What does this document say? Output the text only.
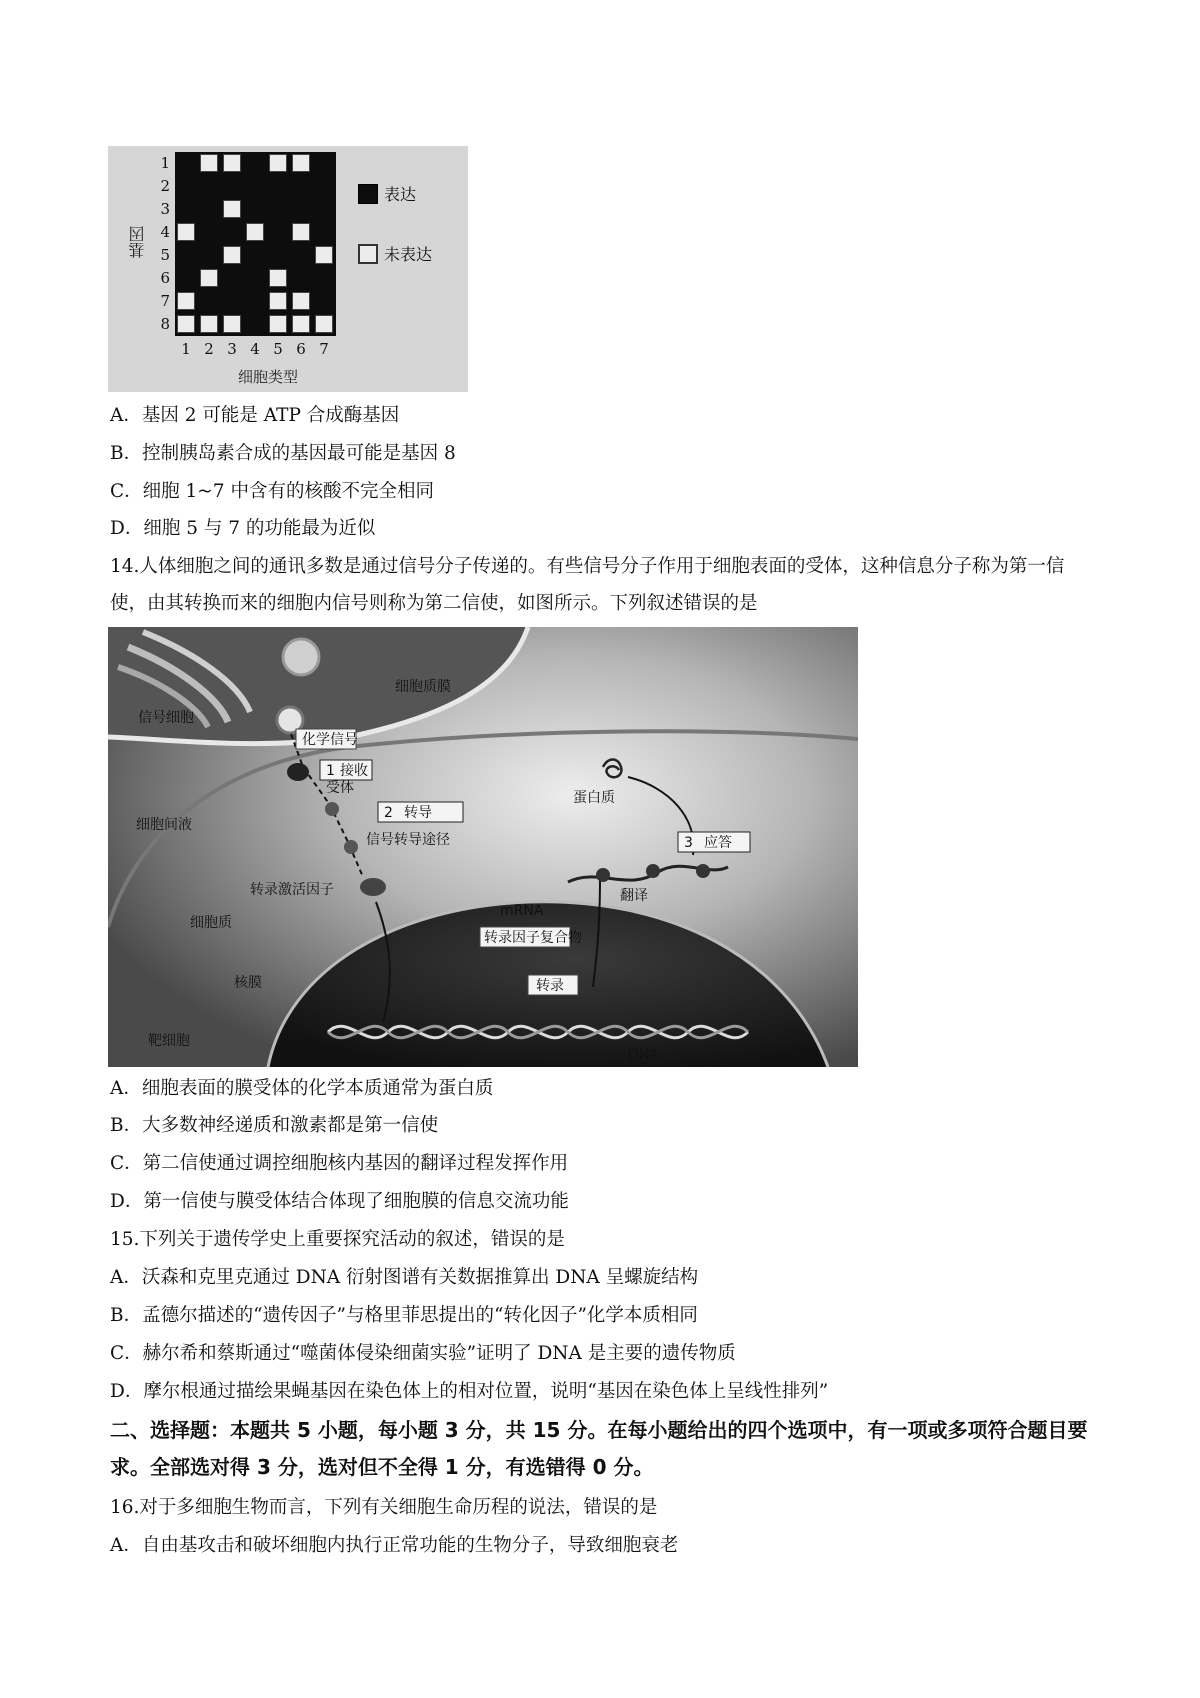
基因
1
2
3
4
5
6
7
8
1 2 3 4 5 6 7
细胞类型
表达
未表达
A．基因 2 可能是 ATP 合成酶基因
B．控制胰岛素合成的基因最可能是基因 8
C．细胞 1~7 中含有的核酸不完全相同
D．细胞 5 与 7 的功能最为近似
14.人体细胞之间的通讯多数是通过信号分子传递的。有些信号分子作用于细胞表面的受体，这种信息分子称为第一信使，由其转换而来的细胞内信号则称为第二信使，如图所示。下列叙述错误的是
细胞质膜
信号细胞
化学信号
1 接收
受体
2 转导
信号转导途径
细胞间液
转录激活因子
细胞质
核膜
靶细胞
蛋白质
3 应答
翻译
mRNA
转录因子复合物
转录
DNA
A．细胞表面的膜受体的化学本质通常为蛋白质
B．大多数神经递质和激素都是第一信使
C．第二信使通过调控细胞核内基因的翻译过程发挥作用
D．第一信使与膜受体结合体现了细胞膜的信息交流功能
15.下列关于遗传学史上重要探究活动的叙述，错误的是
A．沃森和克里克通过 DNA 衍射图谱有关数据推算出 DNA 呈螺旋结构
B．孟德尔描述的“遗传因子”与格里菲思提出的“转化因子”化学本质相同
C．赫尔希和蔡斯通过“噬菌体侵染细菌实验”证明了 DNA 是主要的遗传物质
D．摩尔根通过描绘果蝇基因在染色体上的相对位置，说明“基因在染色体上呈线性排列”
二、选择题：本题共 5 小题，每小题 3 分，共 15 分。在每小题给出的四个选项中，有一项或多项符合题目要求。全部选对得 3 分，选对但不全得 1 分，有选错得 0 分。
16.对于多细胞生物而言，下列有关细胞生命历程的说法，错误的是
A．自由基攻击和破坏细胞内执行正常功能的生物分子，导致细胞衰老
